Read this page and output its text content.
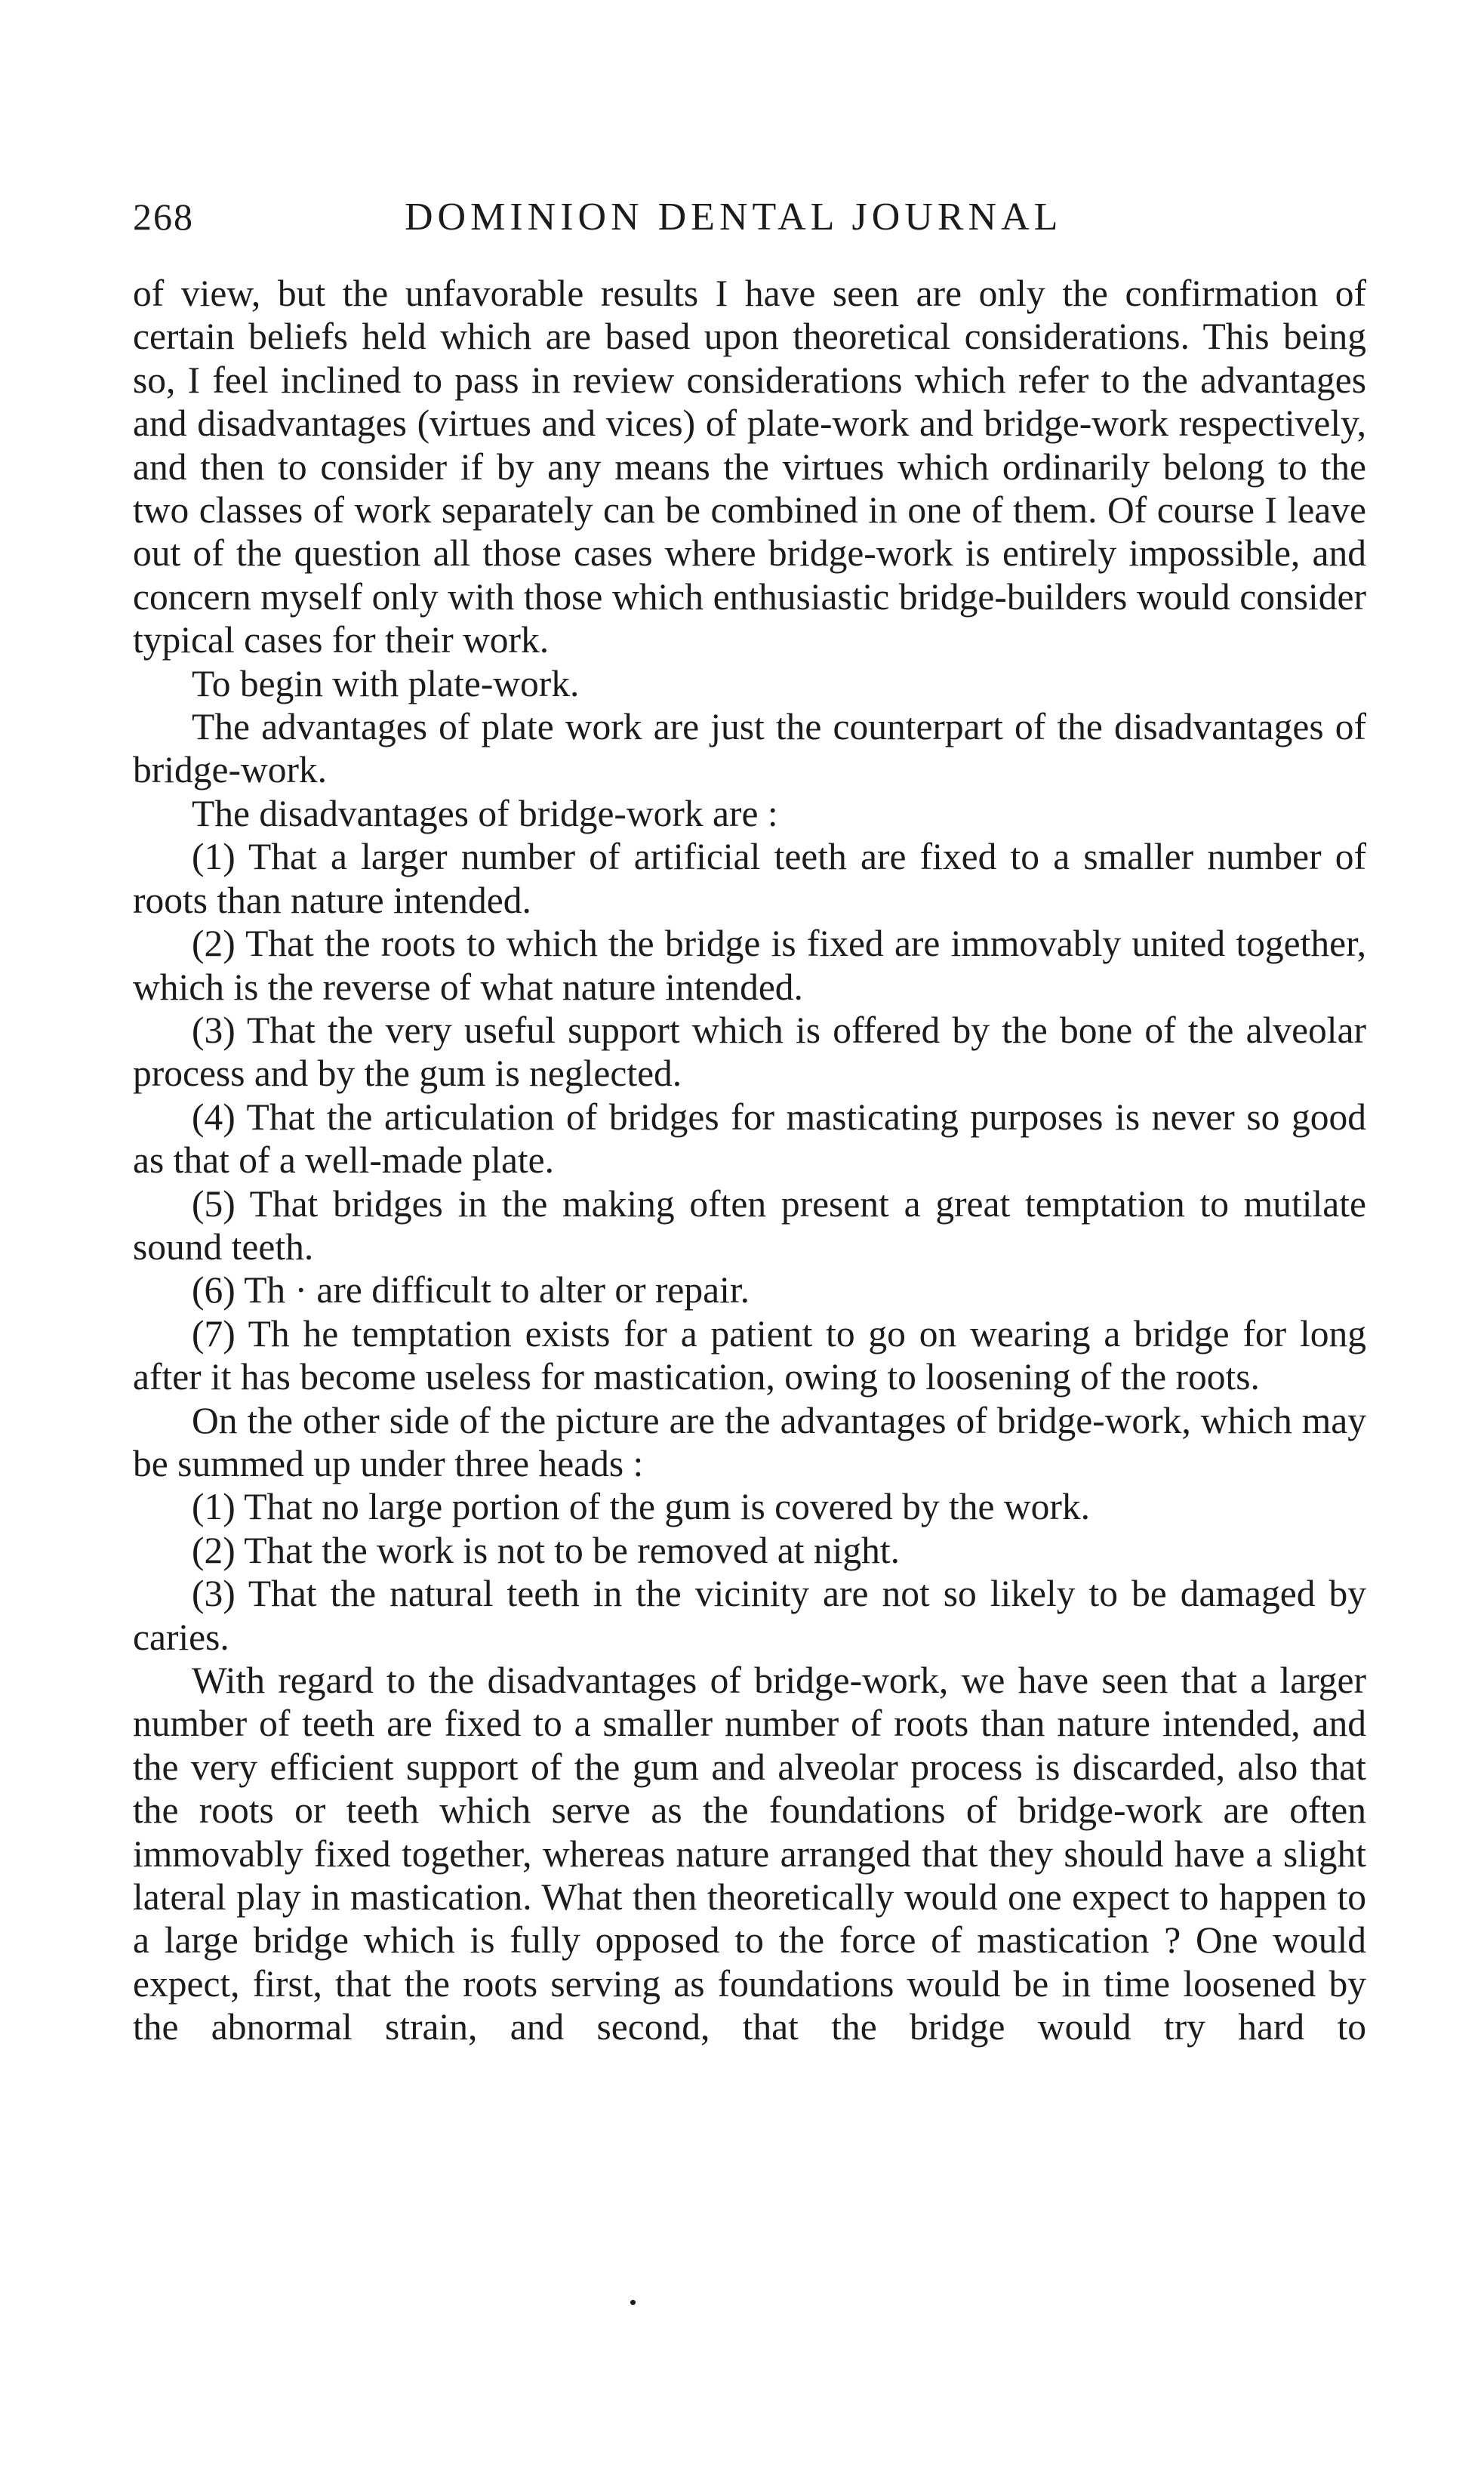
268	DOMINION DENTAL JOURNAL

of view, but the unfavorable results I have seen are only the confirmation of certain beliefs held which are based upon theoretical considerations. This being so, I feel inclined to pass in review considerations which refer to the advantages and disadvantages (virtues and vices) of plate-work and bridge-work respectively, and then to consider if by any means the virtues which ordinarily belong to the two classes of work separately can be combined in one of them. Of course I leave out of the question all those cases where bridge-work is entirely impossible, and concern myself only with those which enthusiastic bridge-builders would consider typical cases for their work.

To begin with plate-work.

The advantages of plate work are just the counterpart of the disadvantages of bridge-work.

The disadvantages of bridge-work are :

(1) That a larger number of artificial teeth are fixed to a smaller number of roots than nature intended.

(2) That the roots to which the bridge is fixed are immovably united together, which is the reverse of what nature intended.

(3) That the very useful support which is offered by the bone of the alveolar process and by the gum is neglected.

(4) That the articulation of bridges for masticating purposes is never so good as that of a well-made plate.

(5) That bridges in the making often present a great temptation to mutilate sound teeth.

(6) Th · are difficult to alter or repair.

(7) Th he temptation exists for a patient to go on wearing a bridge for long after it has become useless for mastication, owing to loosening of the roots.

On the other side of the picture are the advantages of bridge-work, which may be summed up under three heads :

(1) That no large portion of the gum is covered by the work.

(2) That the work is not to be removed at night.

(3) That the natural teeth in the vicinity are not so likely to be damaged by caries.

With regard to the disadvantages of bridge-work, we have seen that a larger number of teeth are fixed to a smaller number of roots than nature intended, and the very efficient support of the gum and alveolar process is discarded, also that the roots or teeth which serve as the foundations of bridge-work are often immovably fixed together, whereas nature arranged that they should have a slight lateral play in mastication. What then theoretically would one expect to happen to a large bridge which is fully opposed to the force of mastication ? One would expect, first, that the roots serving as foundations would be in time loosened by the abnormal strain, and second, that the bridge would try hard to
